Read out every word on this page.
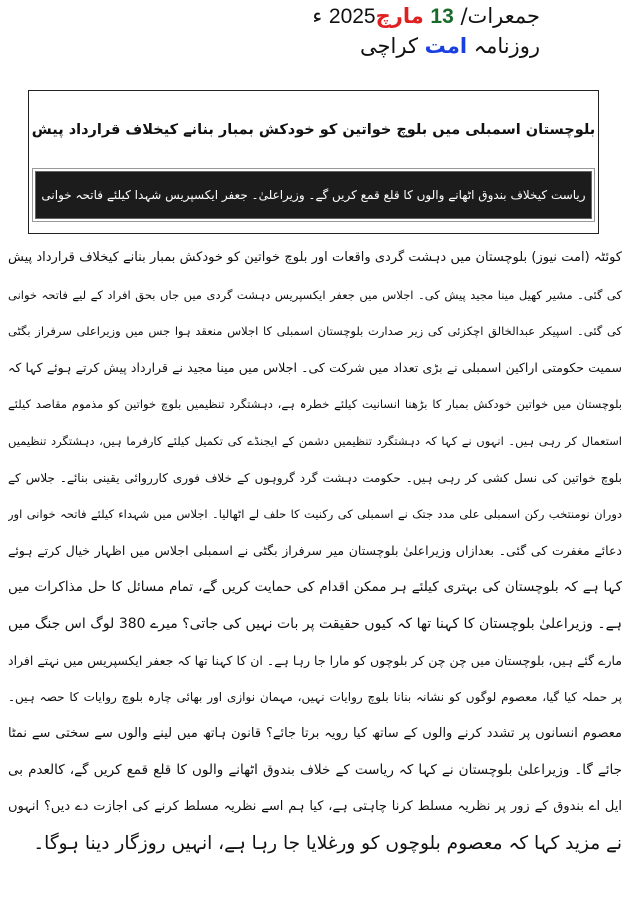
جمعرات/ 13 مارچ2025 ء
روزنامہ امت کراچی
بلوچستان اسمبلی میں بلوچ خواتین کو خودکش بمبار بنانے کیخلاف قرارداد پیش
ریاست کیخلاف بندوق اٹھانے والوں کا قلع قمع کریں گے۔ وزیراعلیٰ۔ جعفر ایکسپریس شہدا کیلئے فاتحہ خوانی
کوئٹہ (امت نیوز) بلوچستان میں دہشت گردی واقعات اور بلوچ خواتین کو خودکش بمبار بنانے کیخلاف قرارداد پیش
کی گئی۔ مشیر کھیل مینا مجید پیش کی۔ اجلاس میں جعفر ایکسپریس دہشت گردی میں جاں بحق افراد کے لیے فاتحہ خوانی
کی گئی۔ اسپیکر عبدالخالق اچکزئی کی زیر صدارت بلوچستان اسمبلی کا اجلاس منعقد ہوا جس میں وزیراعلی سرفراز بگٹی
سمیت حکومتی اراکین اسمبلی نے بڑی تعداد میں شرکت کی۔ اجلاس میں مینا مجید نے قرارداد پیش کرتے ہوئے کہا کہ
بلوچستان میں خواتین خودکش بمبار کا بڑھنا انسانیت کیلئے خطرہ ہے، دہشتگرد تنظیمیں بلوچ خواتین کو مذموم مقاصد کیلئے
استعمال کر رہی ہیں۔ انہوں نے کہا کہ دہشتگرد تنظیمیں دشمن کے ایجنڈے کی تکمیل کیلئے کارفرما ہیں، دہشتگرد تنظیمیں
بلوچ خواتین کی نسل کشی کر رہی ہیں۔ حکومت دہشت گرد گروہوں کے خلاف فوری کارروائی یقینی بنائے۔ جلاس کے
دوران نومنتخب رکن اسمبلی علی مدد جتک نے اسمبلی کی رکنیت کا حلف لے اٹھالیا۔ اجلاس میں شہداء کیلئے فاتحہ خوانی اور
دعائے مغفرت کی گئی۔ بعدازاں وزیراعلیٰ بلوچستان میر سرفراز بگٹی نے اسمبلی اجلاس میں اظہار خیال کرتے ہوئے
کہا ہے کہ بلوچستان کی بہتری کیلئے ہر ممکن اقدام کی حمایت کریں گے، تمام مسائل کا حل مذاکرات میں
ہے۔ وزیراعلیٰ بلوچستان کا کہنا تھا کہ کیوں حقیقت پر بات نہیں کی جاتی؟ میرے 380 لوگ اس جنگ میں
مارے گئے ہیں، بلوچستان میں چن چن کر بلوچوں کو مارا جا رہا ہے۔ ان کا کہنا تھا کہ جعفر ایکسپریس میں نہتے افراد
پر حملہ کیا گیا، معصوم لوگوں کو نشانہ بنانا بلوچ روایات نہیں، مہمان نوازی اور بھائی چارہ بلوچ روایات کا حصہ ہیں۔
معصوم انسانوں پر تشدد کرنے والوں کے ساتھ کیا رویہ برتا جائے؟ قانون ہاتھ میں لینے والوں سے سختی سے نمٹا
جائے گا۔ وزیراعلیٰ بلوچستان نے کہا کہ ریاست کے خلاف بندوق اٹھانے والوں کا قلع قمع کریں گے، کالعدم بی
ایل اے بندوق کے زور پر نظریہ مسلط کرنا چاہتی ہے، کیا ہم اسے نظریہ مسلط کرنے کی اجازت دے دیں؟ انہوں
نے مزید کہا کہ معصوم بلوچوں کو ورغلایا جا رہا ہے، انہیں روزگار دینا ہوگا۔
